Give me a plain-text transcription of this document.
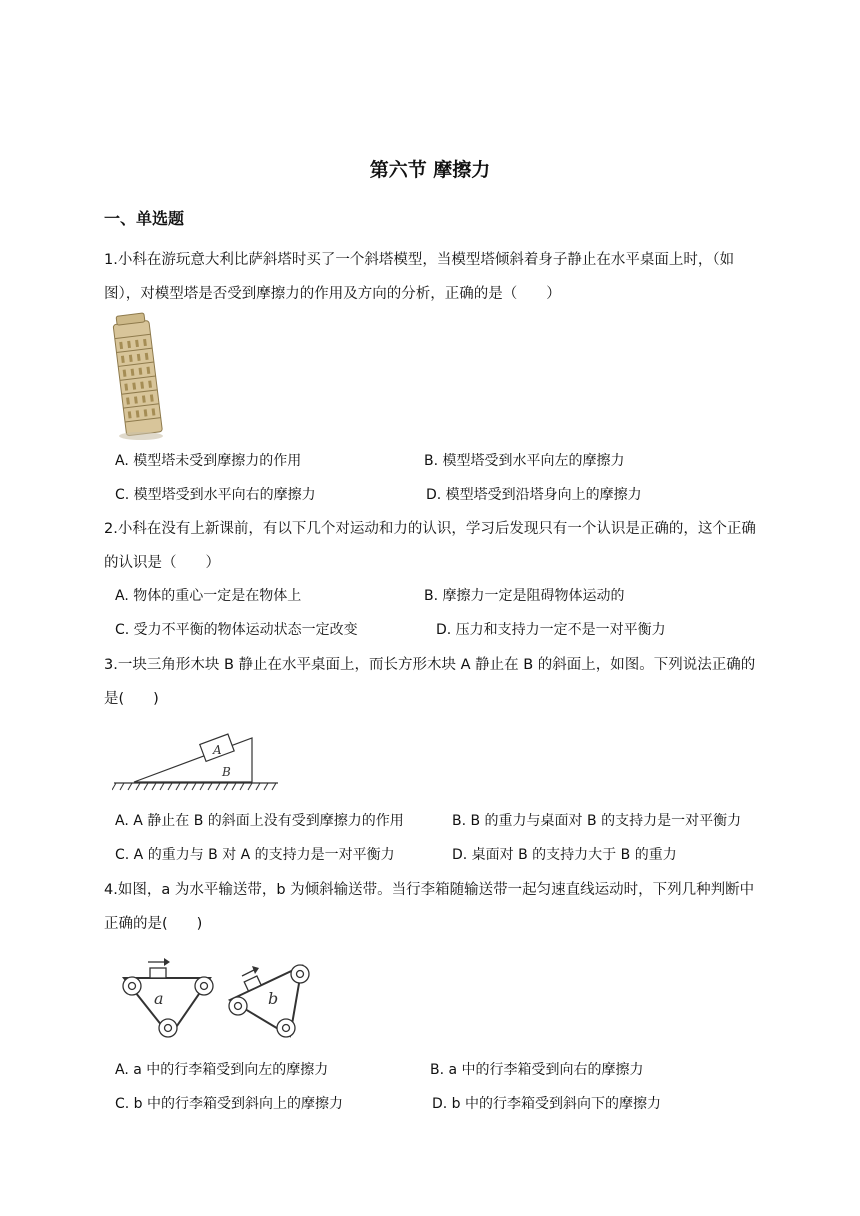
第六节 摩擦力
一、单选题
1.小科在游玩意大利比萨斜塔时买了一个斜塔模型，当模型塔倾斜着身子静止在水平桌面上时，（如图），对模型塔是否受到摩擦力的作用及方向的分析，正确的是（　　）
A. 模型塔未受到摩擦力的作用	B. 模型塔受到水平向左的摩擦力
C. 模型塔受到水平向右的摩擦力	D. 模型塔受到沿塔身向上的摩擦力
2.小科在没有上新课前，有以下几个对运动和力的认识，学习后发现只有一个认识是正确的，这个正确的认识是（　　）
A. 物体的重心一定是在物体上	B. 摩擦力一定是阻碍物体运动的
C. 受力不平衡的物体运动状态一定改变	D. 压力和支持力一定不是一对平衡力
3.一块三角形木块 B 静止在水平桌面上，而长方形木块 A 静止在 B 的斜面上，如图。下列说法正确的是(　　)
A
B
A. A 静止在 B 的斜面上没有受到摩擦力的作用	B. B 的重力与桌面对 B 的支持力是一对平衡力
C. A 的重力与 B 对 A 的支持力是一对平衡力	D. 桌面对 B 的支持力大于 B 的重力
4.如图，a 为水平输送带，b 为倾斜输送带。当行李箱随输送带一起匀速直线运动时，下列几种判断中正确的是(　　)
a	b
A. a 中的行李箱受到向左的摩擦力	B. a 中的行李箱受到向右的摩擦力
C. b 中的行李箱受到斜向上的摩擦力	D. b 中的行李箱受到斜向下的摩擦力
